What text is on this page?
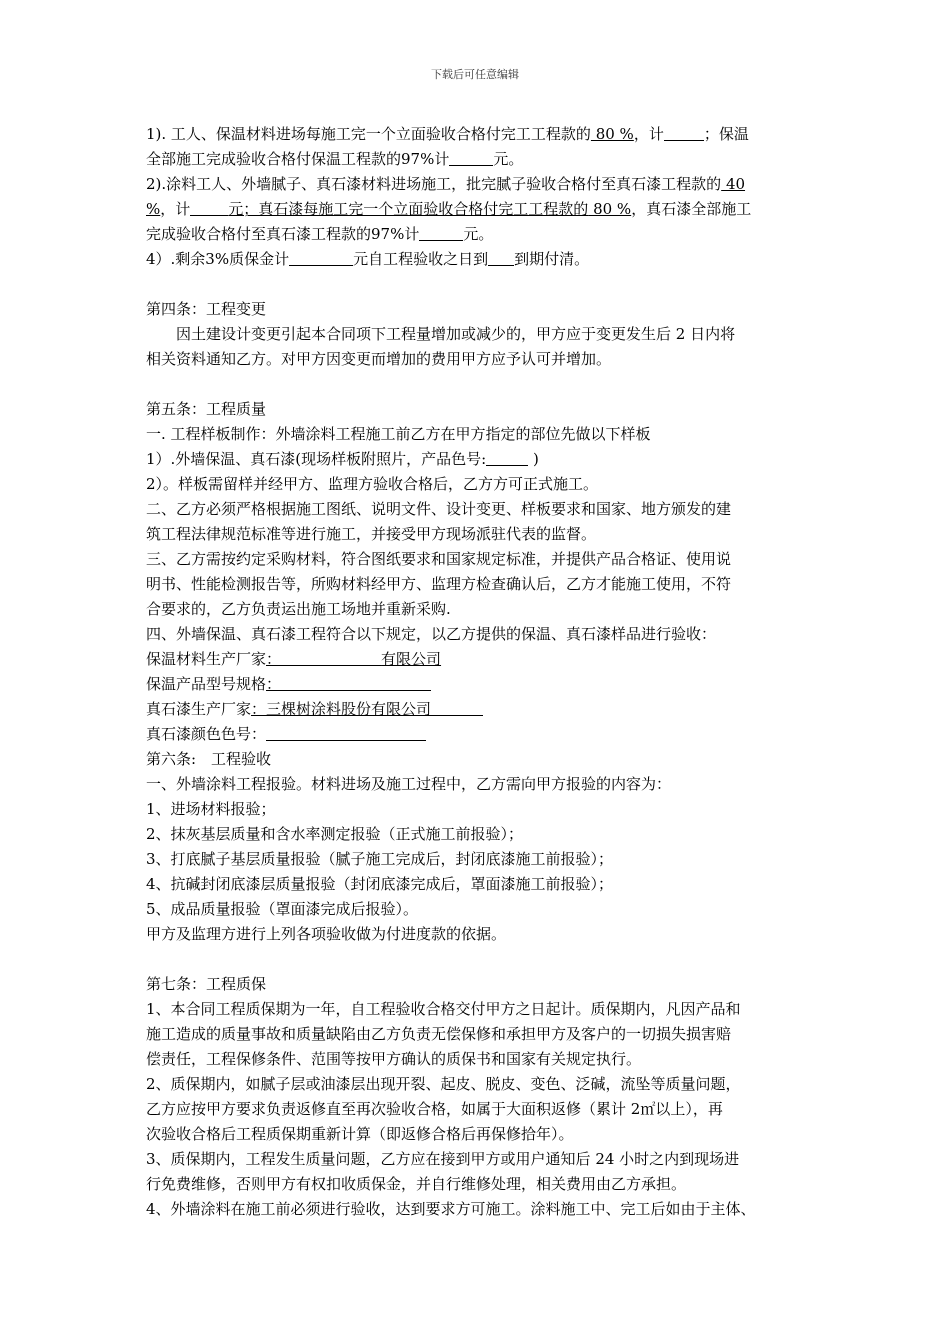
下载后可任意编辑
1). 工人、保温材料进场每施工完一个立面验收合格付完工工程款的 80 %，计	；保温
全部施工完成验收合格付保温工程款的97%计	元。
2).涂料工人、外墙腻子、真石漆材料进场施工，批完腻子验收合格付至真石漆工程款的 40
%，计	元；真石漆每施工完一个立面验收合格付完工工程款的 80 %，真石漆全部施工
完成验收合格付至真石漆工程款的97%计	元。
4）.剩余3%质保金计	元自工程验收之日到 到期付清。
第四条：工程变更
因土建设计变更引起本合同项下工程量增加或减少的，甲方应于变更发生后 2 日内将
相关资料通知乙方。对甲方因变更而增加的费用甲方应予认可并增加。
第五条：工程质量
一. 工程样板制作：外墙涂料工程施工前乙方在甲方指定的部位先做以下样板
1）.外墙保温、真石漆(现场样板附照片，产品色号:	)
2）。样板需留样并经甲方、监理方验收合格后，乙方方可正式施工。
二、乙方必须严格根据施工图纸、说明文件、设计变更、样板要求和国家、地方颁发的建
筑工程法律规范标准等进行施工，并接受甲方现场派驻代表的监督。
三、乙方需按约定采购材料，符合图纸要求和国家规定标准，并提供产品合格证、使用说
明书、性能检测报告等，所购材料经甲方、监理方检查确认后，乙方才能施工使用，不符
合要求的，乙方负责运出施工场地并重新采购.
四、外墙保温、真石漆工程符合以下规定，以乙方提供的保温、真石漆样品进行验收：
保温材料生产厂家：	有限公司
保温产品型号规格：
真石漆生产厂家：三棵树涂料股份有限公司
真石漆颜色色号：
第六条:　工程验收
一、外墙涂料工程报验。材料进场及施工过程中，乙方需向甲方报验的内容为：
1、进场材料报验；
2、抹灰基层质量和含水率测定报验（正式施工前报验）；
3、打底腻子基层质量报验（腻子施工完成后，封闭底漆施工前报验）；
4、抗碱封闭底漆层质量报验（封闭底漆完成后，罩面漆施工前报验）；
5、成品质量报验（罩面漆完成后报验）。
甲方及监理方进行上列各项验收做为付进度款的依据。
第七条：工程质保
1、本合同工程质保期为一年，自工程验收合格交付甲方之日起计。质保期内，凡因产品和
施工造成的质量事故和质量缺陷由乙方负责无偿保修和承担甲方及客户的一切损失损害赔
偿责任，工程保修条件、范围等按甲方确认的质保书和国家有关规定执行。
2、质保期内，如腻子层或油漆层出现开裂、起皮、脱皮、变色、泛碱，流坠等质量问题，
乙方应按甲方要求负责返修直至再次验收合格，如属于大面积返修（累计 2㎡以上），再
次验收合格后工程质保期重新计算（即返修合格后再保修拾年）。
3、质保期内，工程发生质量问题，乙方应在接到甲方或用户通知后 24 小时之内到现场进
行免费维修，否则甲方有权扣收质保金，并自行维修处理，相关费用由乙方承担。
4、外墙涂料在施工前必须进行验收，达到要求方可施工。涂料施工中、完工后如由于主体、
